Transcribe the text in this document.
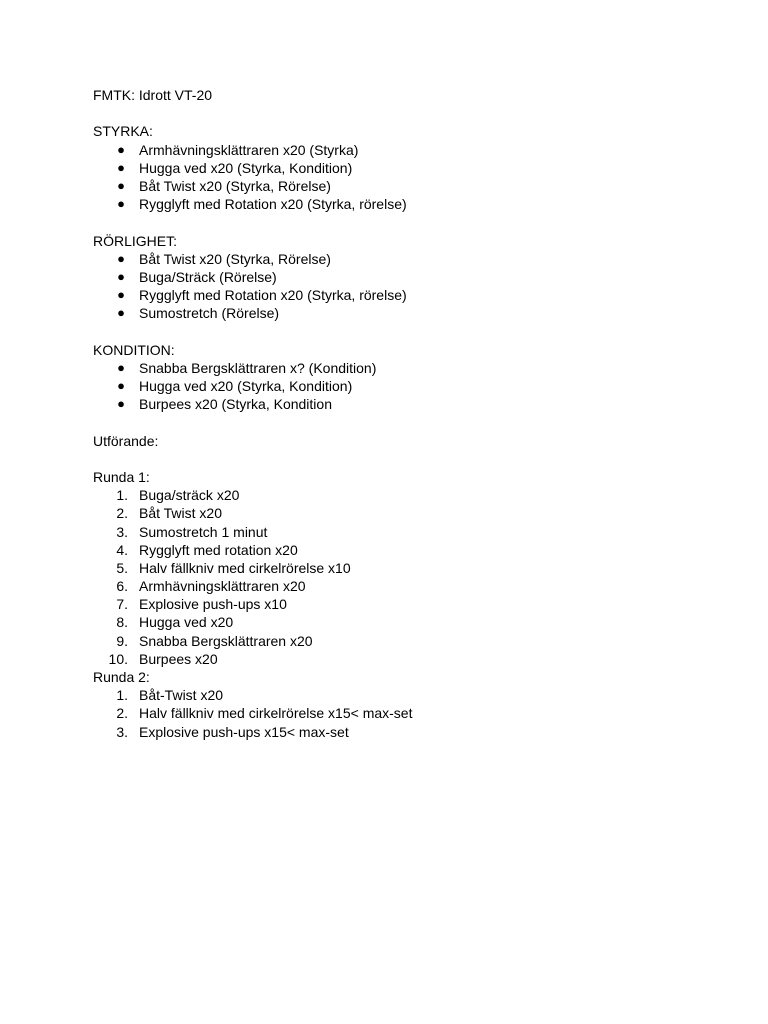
FMTK: Idrott VT-20
STYRKA:
● Armhävningsklättraren x20 (Styrka)
● Hugga ved x20 (Styrka, Kondition)
● Båt Twist x20 (Styrka, Rörelse)
● Rygglyft med Rotation x20 (Styrka, rörelse)
RÖRLIGHET:
● Båt Twist x20 (Styrka, Rörelse)
● Buga/Sträck (Rörelse)
● Rygglyft med Rotation x20 (Styrka, rörelse)
● Sumostretch (Rörelse)
KONDITION:
● Snabba Bergsklättraren x? (Kondition)
● Hugga ved x20 (Styrka, Kondition)
● Burpees x20 (Styrka, Kondition
Utförande:
Runda 1:
1. Buga/sträck x20
2. Båt Twist x20
3. Sumostretch 1 minut
4. Rygglyft med rotation x20
5. Halv fällkniv med cirkelrörelse x10
6. Armhävningsklättraren x20
7. Explosive push-ups x10
8. Hugga ved x20
9. Snabba Bergsklättraren x20
10. Burpees x20
Runda 2:
1. Båt-Twist x20
2. Halv fällkniv med cirkelrörelse x15< max-set
3. Explosive push-ups x15< max-set
